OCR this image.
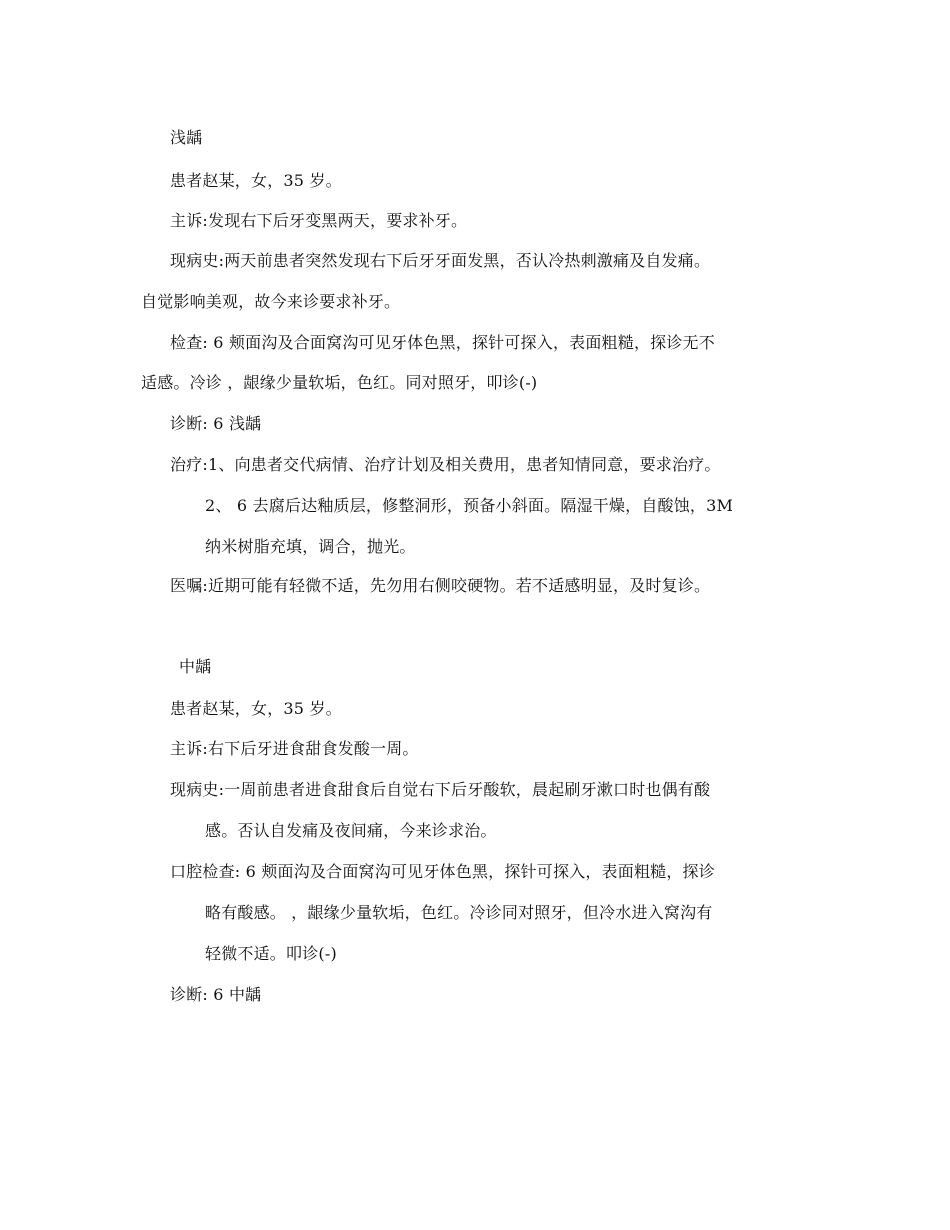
浅龋
患者赵某，女，35 岁。
主诉:发现右下后牙变黑两天，要求补牙。
现病史:两天前患者突然发现右下后牙牙面发黑，否认冷热刺激痛及自发痛。
自觉影响美观，故今来诊要求补牙。
检查: 6 颊面沟及合面窝沟可见牙体色黑，探针可探入，表面粗糙，探诊无不
适感。冷诊 ，龈缘少量软垢，色红。同对照牙，叩诊(-)
诊断: 6 浅龋
治疗:1、向患者交代病情、治疗计划及相关费用，患者知情同意，要求治疗。
2、 6 去腐后达釉质层，修整洞形，预备小斜面。隔湿干燥，自酸蚀，3M
纳米树脂充填，调合，抛光。
医嘱:近期可能有轻微不适，先勿用右侧咬硬物。若不适感明显，及时复诊。
中龋
患者赵某，女，35 岁。
主诉:右下后牙进食甜食发酸一周。
现病史:一周前患者进食甜食后自觉右下后牙酸软，晨起刷牙漱口时也偶有酸
感。否认自发痛及夜间痛，今来诊求治。
口腔检查: 6 颊面沟及合面窝沟可见牙体色黑，探针可探入，表面粗糙，探诊
略有酸感。 ，龈缘少量软垢，色红。冷诊同对照牙，但冷水进入窝沟有
轻微不适。叩诊(-)
诊断: 6 中龋
